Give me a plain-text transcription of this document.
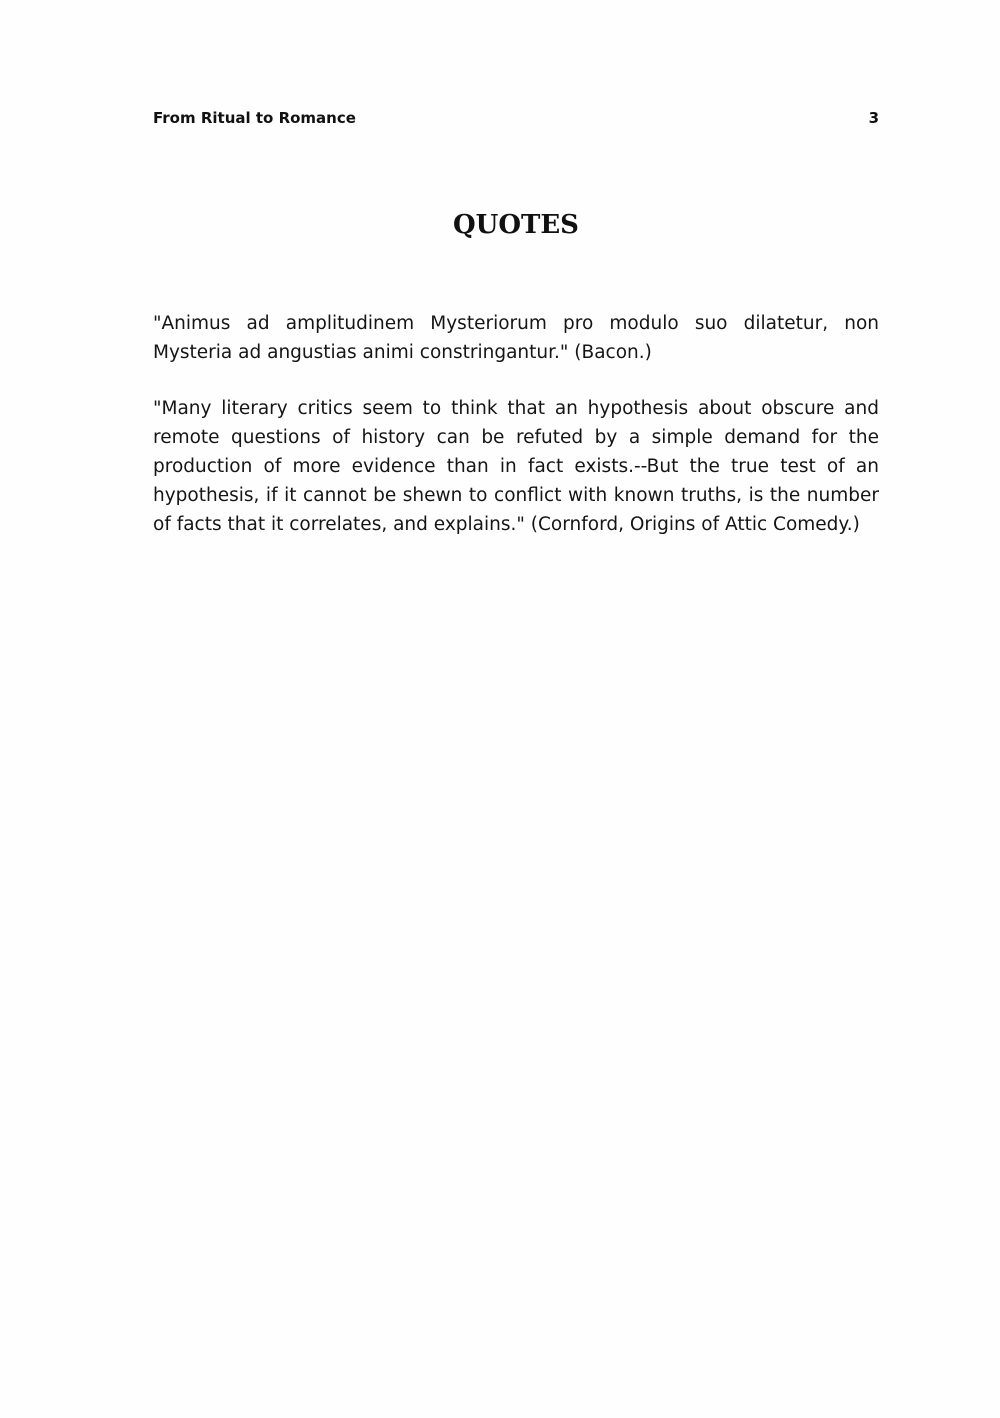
From Ritual to Romance	3
QUOTES

"Animus ad amplitudinem Mysteriorum pro modulo suo dilatetur, non Mysteria ad angustias animi constringantur." (Bacon.)

"Many literary critics seem to think that an hypothesis about obscure and remote questions of history can be refuted by a simple demand for the production of more evidence than in fact exists.--But the true test of an hypothesis, if it cannot be shewn to conflict with known truths, is the number of facts that it correlates, and explains." (Cornford, Origins of Attic Comedy.)
